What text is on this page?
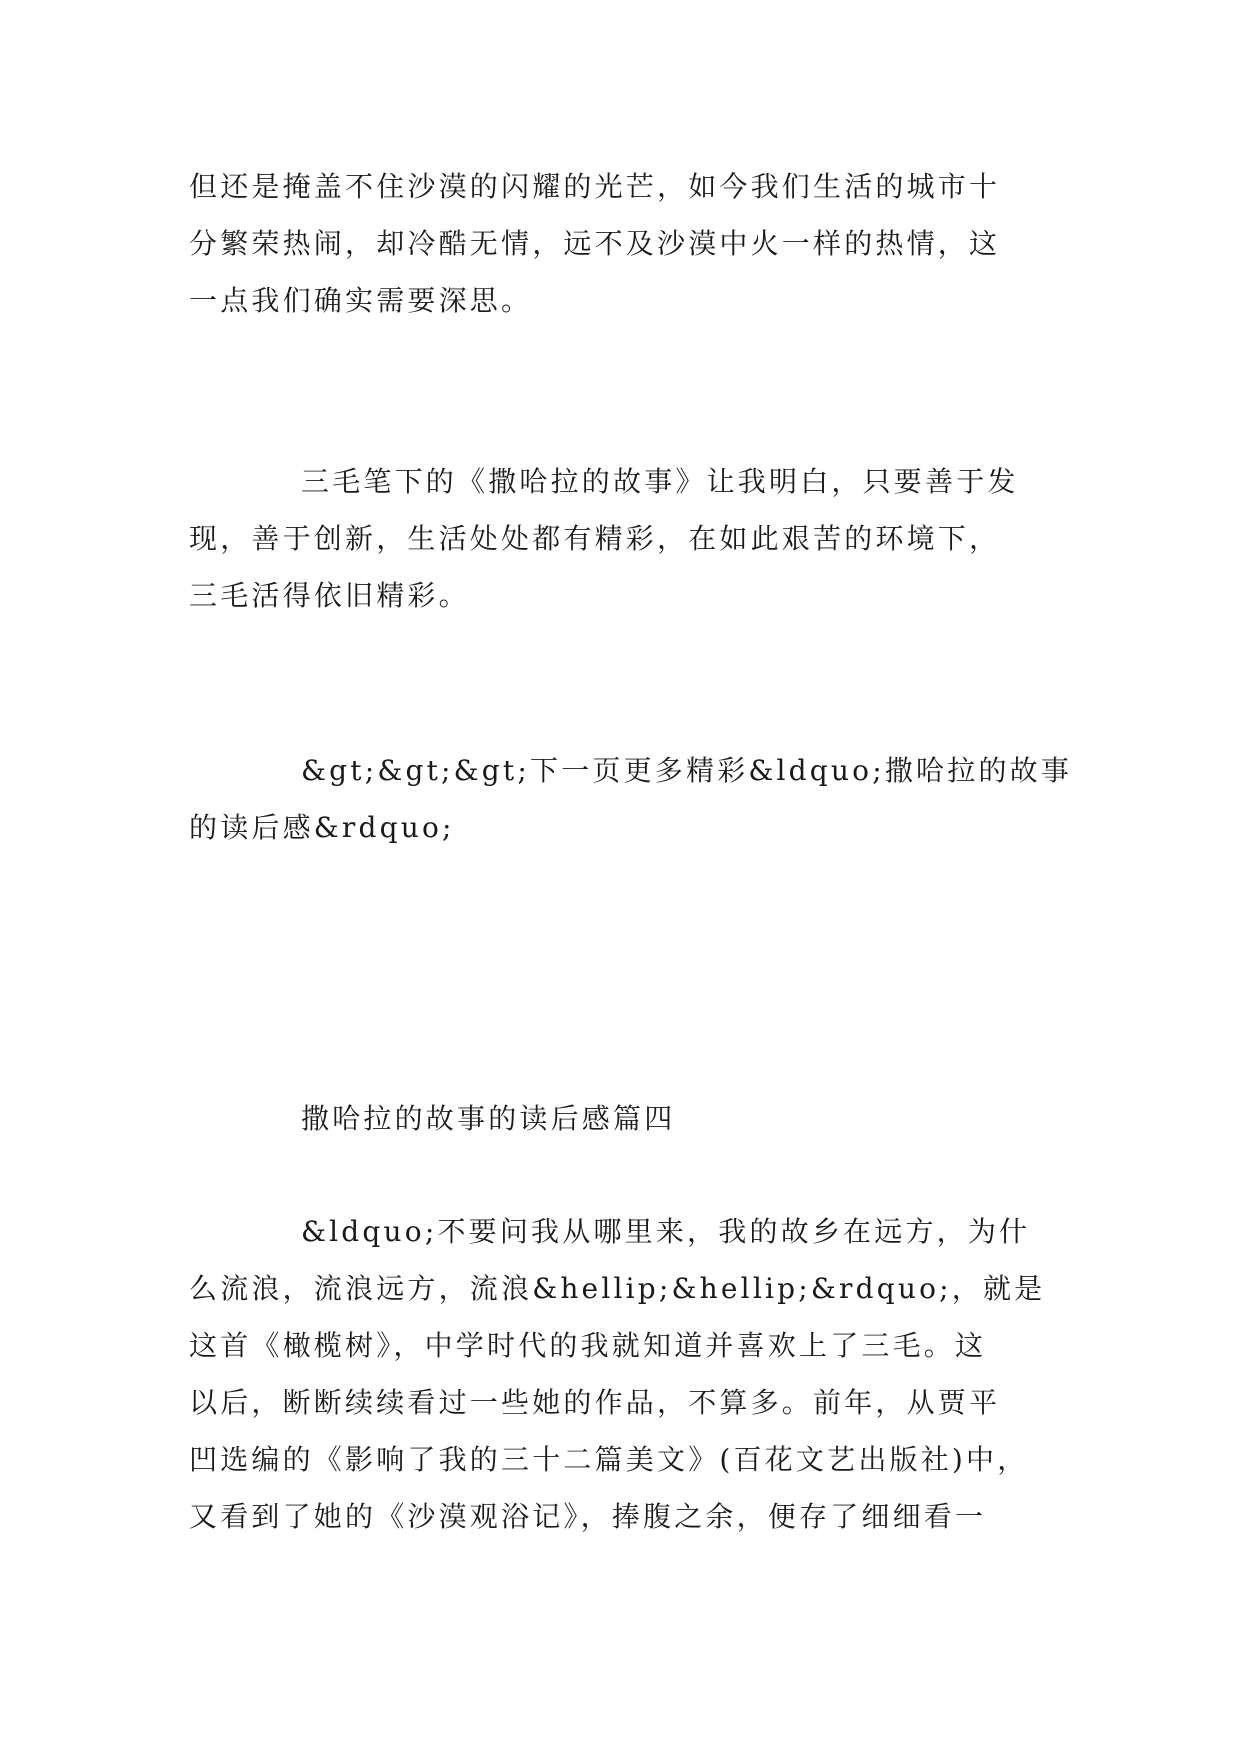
但还是掩盖不住沙漠的闪耀的光芒，如今我们生活的城市十
分繁荣热闹，却冷酷无情，远不及沙漠中火一样的热情，这
一点我们确实需要深思。

三毛笔下的《撒哈拉的故事》让我明白，只要善于发
现，善于创新，生活处处都有精彩，在如此艰苦的环境下，
三毛活得依旧精彩。

&gt;&gt;&gt;下一页更多精彩&ldquo;撒哈拉的故事
的读后感&rdquo;

撒哈拉的故事的读后感篇四

&ldquo;不要问我从哪里来，我的故乡在远方，为什
么流浪，流浪远方，流浪&hellip;&hellip;&rdquo;，就是
这首《橄榄树》，中学时代的我就知道并喜欢上了三毛。这
以后，断断续续看过一些她的作品，不算多。前年，从贾平
凹选编的《影响了我的三十二篇美文》(百花文艺出版社)中，
又看到了她的《沙漠观浴记》，捧腹之余，便存了细细看一
